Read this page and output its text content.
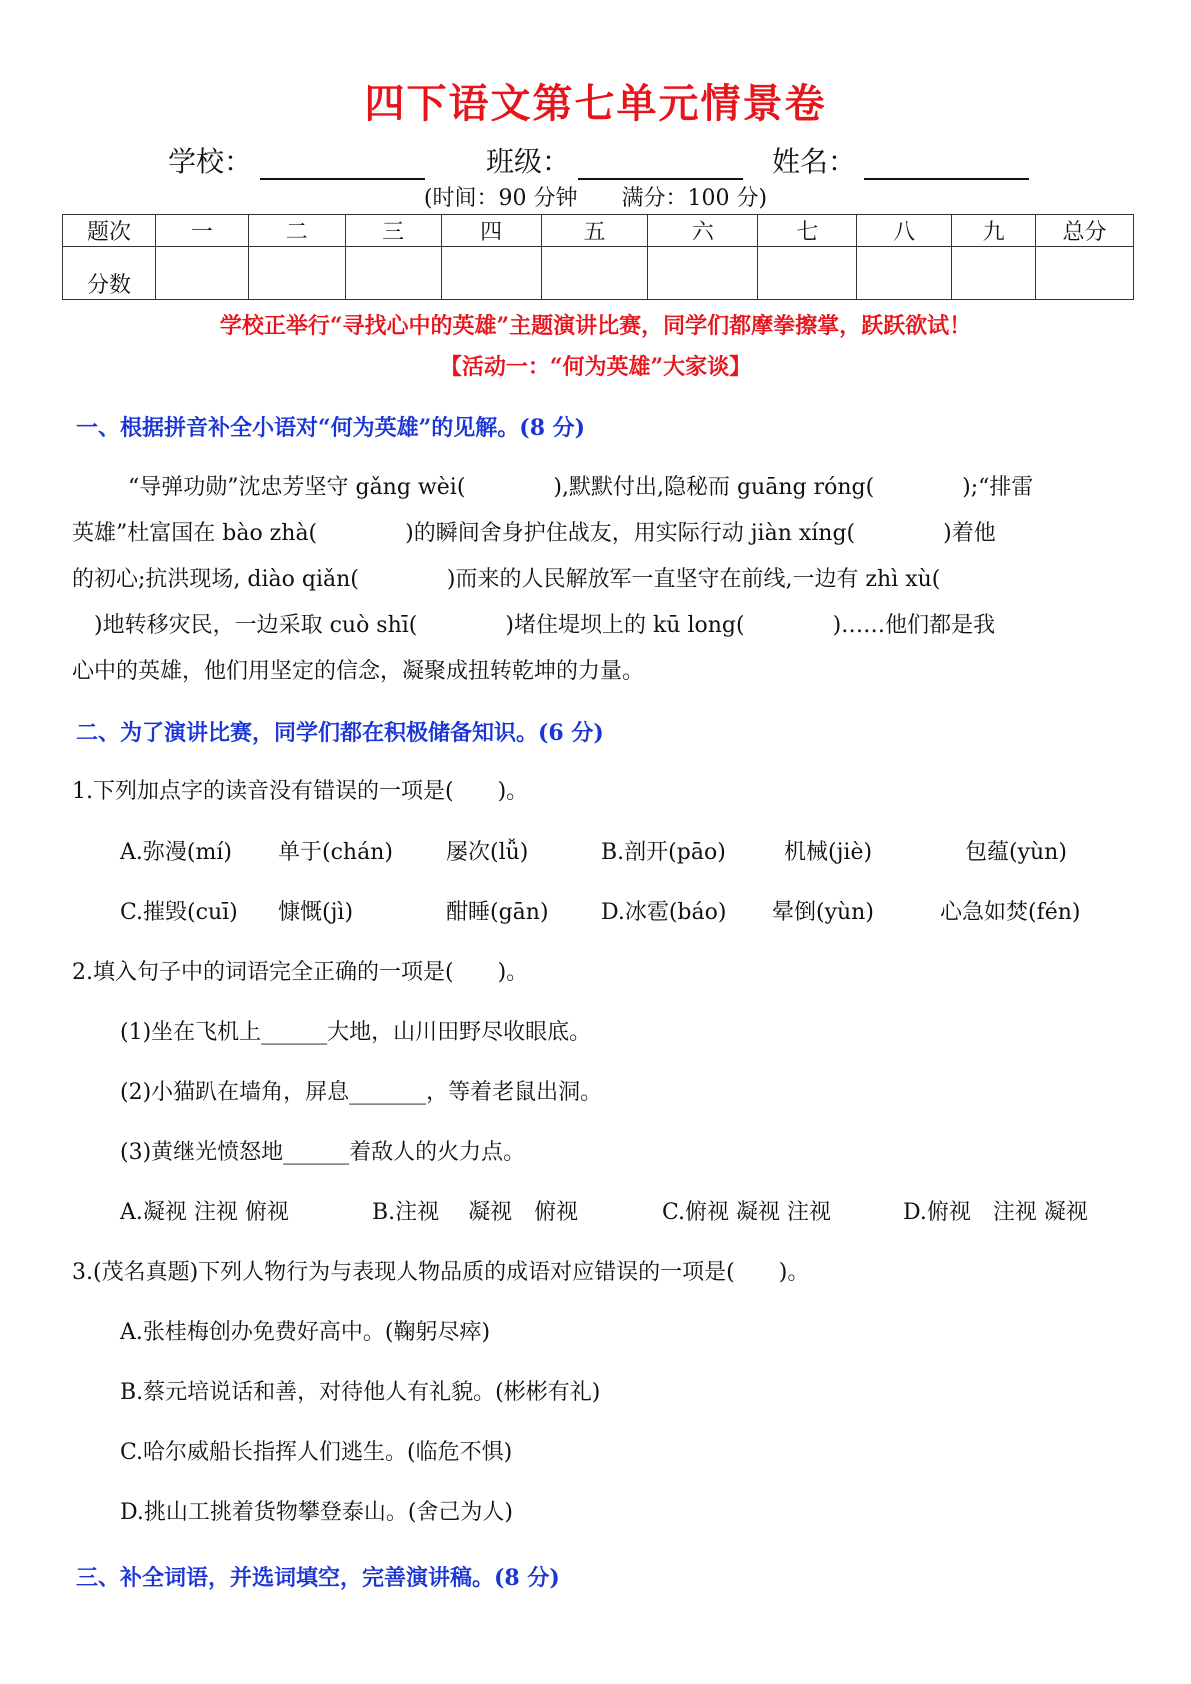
四下语文第七单元情景卷
学校：	班级：	姓名：
(时间：90 分钟　　满分：100 分)
题次	一	二	三	四	五	六	七	八	九	总分
分数										
学校正举行“寻找心中的英雄”主题演讲比赛，同学们都摩拳擦掌，跃跃欲试！
【活动一：“何为英雄”大家谈】
一、根据拼音补全小语对“何为英雄”的见解。(8 分)
“导弹功勋”沈忠芳坚守 gǎng wèi(　　　　),默默付出,隐秘而 guāng róng(　　　　);“排雷
英雄”杜富国在 bào zhà(　　　　)的瞬间舍身护住战友，用实际行动 jiàn xíng(　　　　)着他
的初心;抗洪现场, diào qiǎn(　　　　)而来的人民解放军一直坚守在前线,一边有 zhì xù(
　)地转移灾民，一边采取 cuò shī(　　　　)堵住堤坝上的 kū long(　　　　)……他们都是我
心中的英雄，他们用坚定的信念，凝聚成扭转乾坤的力量。
二、为了演讲比赛，同学们都在积极储备知识。(6 分)
1.下列加点字的读音没有错误的一项是(　　)。
A.弥漫(mí) 单于(chán) 屡次(lǚ)	B.剖开(pāo)	机械(jiè)	包蕴(yùn)
C.摧毁(cuī) 慷慨(jì)	酣睡(gān) D.冰雹(báo) 晕倒(yùn)	心急如焚(fén)
2.填入句子中的词语完全正确的一项是(　　)。
(1)坐在飞机上______大地，山川田野尽收眼底。
(2)小猫趴在墙角，屏息_______，等着老鼠出洞。
(3)黄继光愤怒地______着敌人的火力点。
A.凝视 注视 俯视	B.注视　 凝视　俯视	C.俯视 凝视 注视	D.俯视　注视 凝视
3.(茂名真题)下列人物行为与表现人物品质的成语对应错误的一项是(　　)。
A.张桂梅创办免费好高中。(鞠躬尽瘁)
B.蔡元培说话和善，对待他人有礼貌。(彬彬有礼)
C.哈尔威船长指挥人们逃生。(临危不惧)
D.挑山工挑着货物攀登泰山。(舍己为人)
三、补全词语，并选词填空，完善演讲稿。(8 分)
